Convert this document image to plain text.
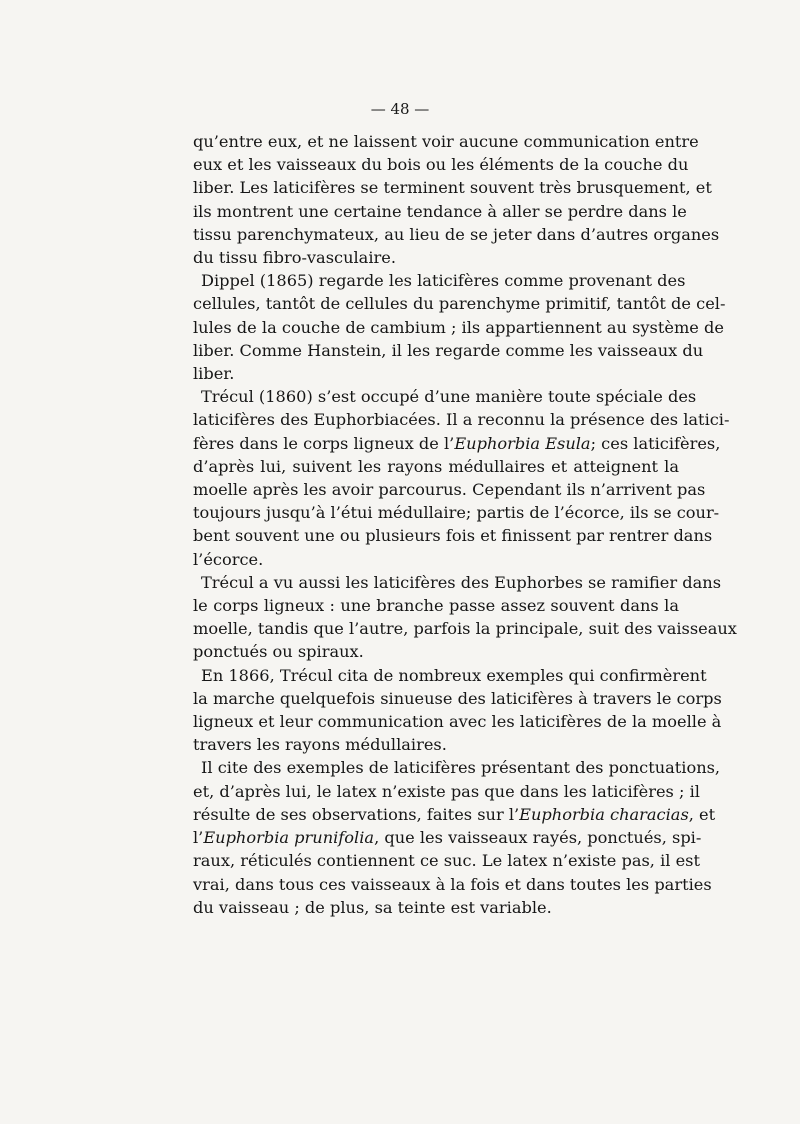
— 48 —
qu’entre eux, et ne laissent voir aucune communication entre
eux et les vaisseaux du bois ou les éléments de la couche du
liber. Les laticifères se terminent souvent très brusquement, et
ils montrent une certaine tendance à aller se perdre dans le
tissu parenchymateux, au lieu de se jeter dans d’autres organes
du tissu fibro-vasculaire.
Dippel (1865) regarde les laticifères comme provenant des
cellules, tantôt de cellules du parenchyme primitif, tantôt de cel-
lules de la couche de cambium ; ils appartiennent au système de
liber. Comme Hanstein, il les regarde comme les vaisseaux du
liber.
Trécul (1860) s’est occupé d’une manière toute spéciale des
laticifères des Euphorbiacées. Il a reconnu la présence des latici-
fères dans le corps ligneux de l’Euphorbia Esula; ces laticifères,
d’après lui, suivent les rayons médullaires et atteignent la
moelle après les avoir parcourus. Cependant ils n’arrivent pas
toujours jusqu’à l’étui médullaire; partis de l’écorce, ils se cour-
bent souvent une ou plusieurs fois et finissent par rentrer dans
l’écorce.
Trécul a vu aussi les laticifères des Euphorbes se ramifier dans
le corps ligneux : une branche passe assez souvent dans la
moelle, tandis que l’autre, parfois la principale, suit des vaisseaux
ponctués ou spiraux.
En 1866, Trécul cita de nombreux exemples qui confirmèrent
la marche quelquefois sinueuse des laticifères à travers le corps
ligneux et leur communication avec les laticifères de la moelle à
travers les rayons médullaires.
Il cite des exemples de laticifères présentant des ponctuations,
et, d’après lui, le latex n’existe pas que dans les laticifères ; il
résulte de ses observations, faites sur l’Euphorbia characias, et
l’Euphorbia prunifolia, que les vaisseaux rayés, ponctués, spi-
raux, réticulés contiennent ce suc. Le latex n’existe pas, il est
vrai, dans tous ces vaisseaux à la fois et dans toutes les parties
du vaisseau ; de plus, sa teinte est variable.
